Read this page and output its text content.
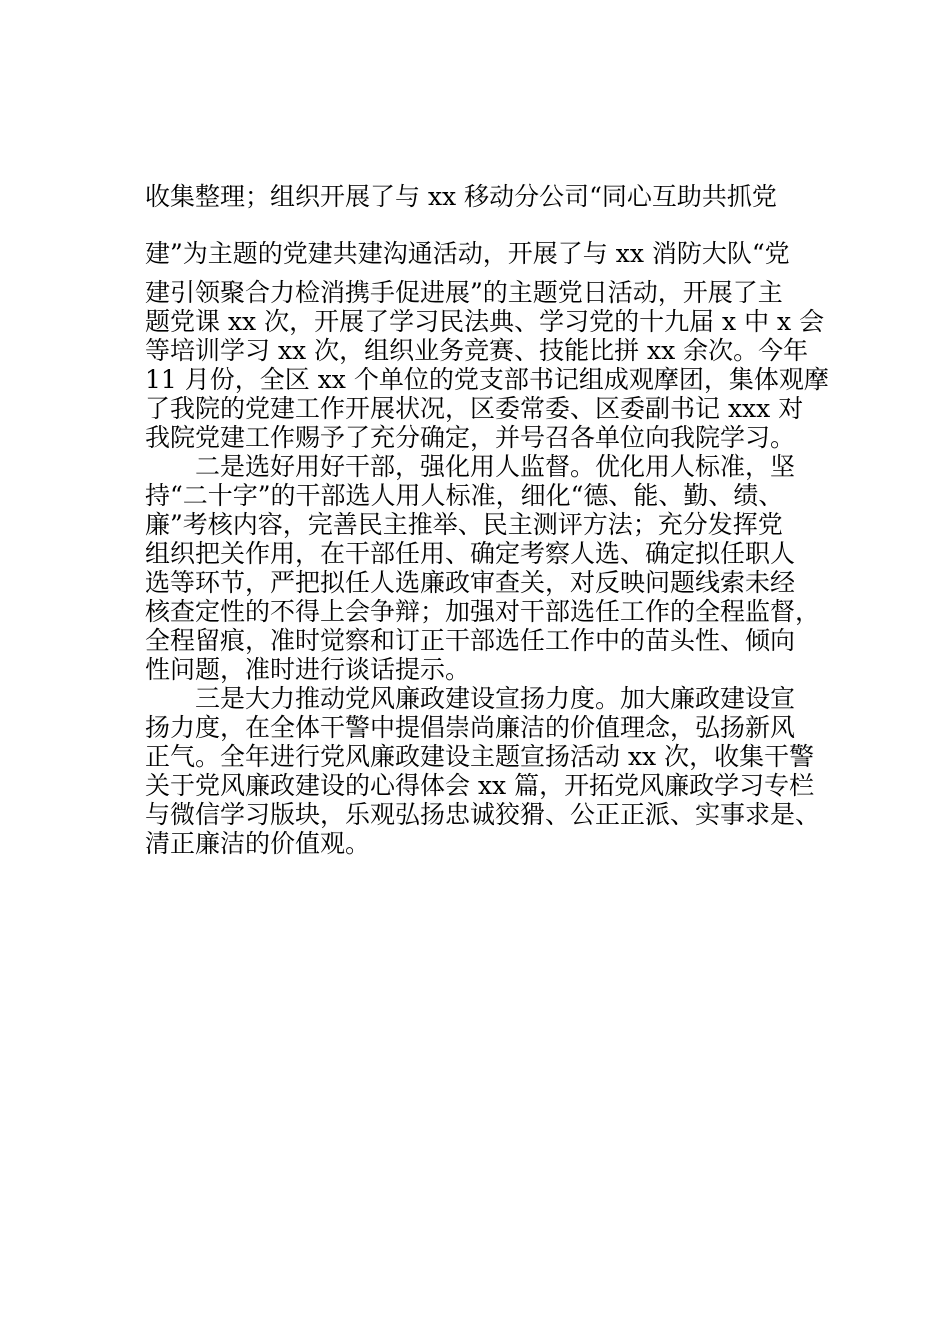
收集整理；组织开展了与 xx 移动分公司“同心互助共抓党
建”为主题的党建共建沟通活动，开展了与 xx 消防大队“党
建引领聚合力检消携手促进展”的主题党日活动，开展了主
题党课 xx 次，开展了学习民法典、学习党的十九届 x 中 x 会
等培训学习 xx 次，组织业务竞赛、技能比拼 xx 余次。今年
11 月份，全区 xx 个单位的党支部书记组成观摩团，集体观摩
了我院的党建工作开展状况，区委常委、区委副书记 xxx 对
我院党建工作赐予了充分确定，并号召各单位向我院学习。
二是选好用好干部，强化用人监督。优化用人标准，坚
持“二十字”的干部选人用人标准，细化“德、能、勤、绩、
廉”考核内容，完善民主推举、民主测评方法；充分发挥党
组织把关作用，在干部任用、确定考察人选、确定拟任职人
选等环节，严把拟任人选廉政审查关，对反映问题线索未经
核查定性的不得上会争辩；加强对干部选任工作的全程监督，
全程留痕，准时觉察和订正干部选任工作中的苗头性、倾向
性问题，准时进行谈话提示。
三是大力推动党风廉政建设宣扬力度。加大廉政建设宣
扬力度，在全体干警中提倡崇尚廉洁的价值理念，弘扬新风
正气。全年进行党风廉政建设主题宣扬活动 xx 次，收集干警
关于党风廉政建设的心得体会 xx 篇，开拓党风廉政学习专栏
与微信学习版块，乐观弘扬忠诚狡猾、公正正派、实事求是、
清正廉洁的价值观。
